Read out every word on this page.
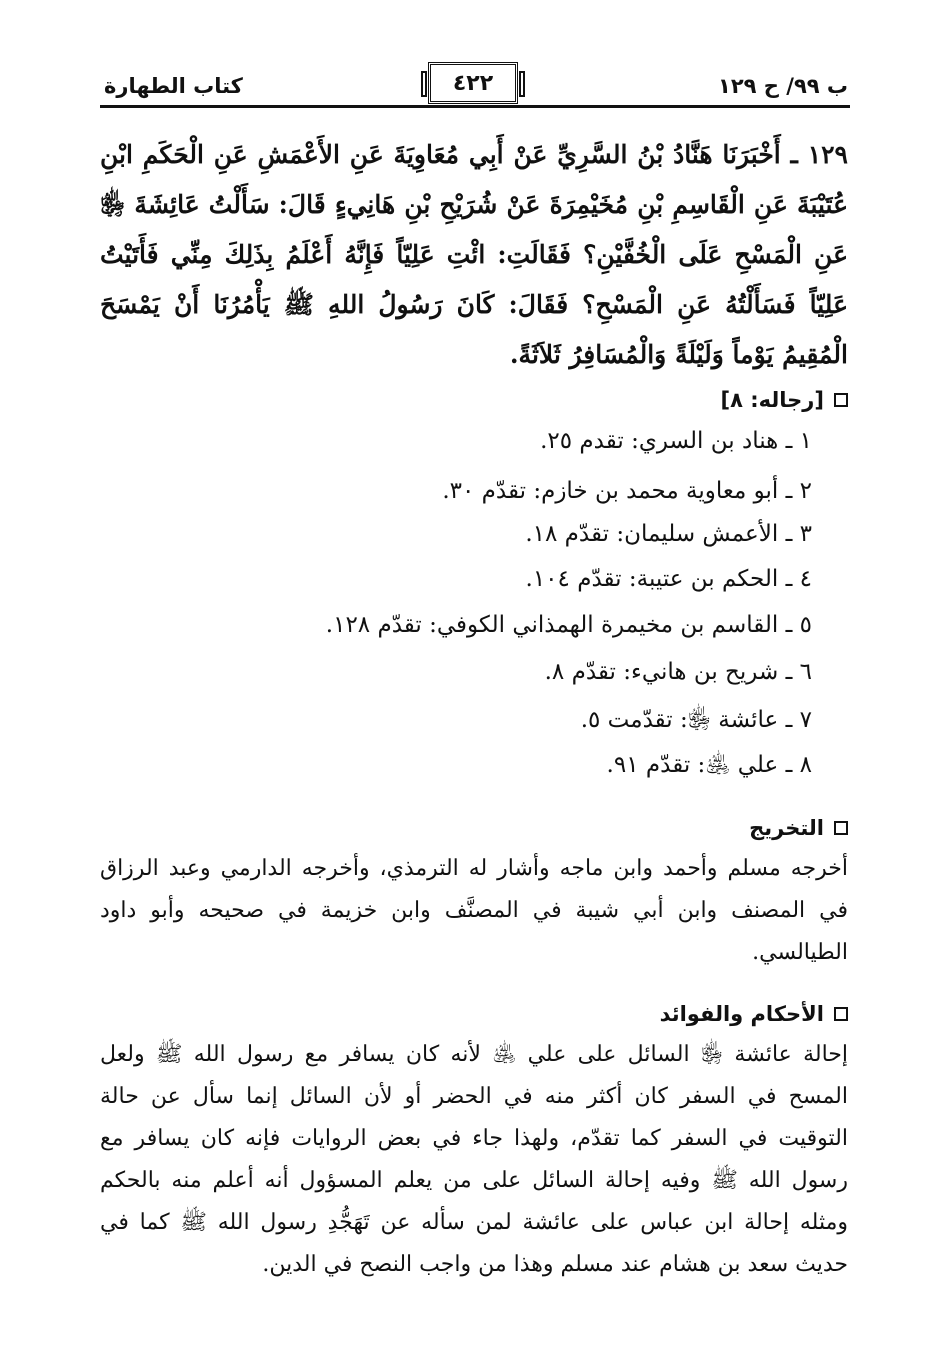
ب ٩٩/ ح ١٢٩
٤٢٢
كتاب الطهارة
١٢٩ ـ أَخْبَرَنَا هَنَّادُ بْنُ السَّرِيِّ عَنْ أَبِي مُعَاوِيَةَ عَنِ الأَعْمَشِ عَنِ الْحَكَمِ ابْنِ عُتَيْبَةَ عَنِ الْقَاسِمِ بْنِ مُخَيْمِرَةَ عَنْ شُرَيْحِ بْنِ هَانِيءٍ قَالَ: سَأَلْتُ عَائِشَةَ ﵂ عَنِ الْمَسْحِ عَلَى الْخُفَّيْنِ؟ فَقَالَتِ: ائْتِ عَلِيّاً فَإِنَّهُ أَعْلَمُ بِذَلِكَ مِنِّي فَأَتَيْتُ عَلِيّاً فَسَأَلْتُهُ عَنِ الْمَسْحِ؟ فَقَالَ: كَانَ رَسُولُ اللهِ ﷺ يَأْمُرُنَا أَنْ يَمْسَحَ الْمُقِيمُ يَوْماً وَلَيْلَةً وَالْمُسَافِرُ ثَلاَثَةً.
[رجاله: ٨]
١ ـ هناد بن السري: تقدم ٢٥.
٢ ـ أبو معاوية محمد بن خازم: تقدّم ٣٠.
٣ ـ الأعمش سليمان: تقدّم ١٨.
٤ ـ الحكم بن عتيبة: تقدّم ١٠٤.
٥ ـ القاسم بن مخيمرة الهمذاني الكوفي: تقدّم ١٢٨.
٦ ـ شريح بن هانيء: تقدّم ٨.
٧ ـ عائشة ﵂: تقدّمت ٥.
٨ ـ علي ﵁: تقدّم ٩١.
التخريج
أخرجه مسلم وأحمد وابن ماجه وأشار له الترمذي، وأخرجه الدارمي وعبد الرزاق في المصنف وابن أبي شيبة في المصنَّف وابن خزيمة في صحيحه وأبو داود الطيالسي.
الأحكام والفوائد
إحالة عائشة ﵂ السائل على علي ﵁ لأنه كان يسافر مع رسول الله ﷺ ولعل المسح في السفر كان أكثر منه في الحضر أو لأن السائل إنما سأل عن حالة التوقيت في السفر كما تقدّم، ولهذا جاء في بعض الروايات فإنه كان يسافر مع رسول الله ﷺ وفيه إحالة السائل على من يعلم المسؤول أنه أعلم منه بالحكم ومثله إحالة ابن عباس على عائشة لمن سأله عن تَهَجُّدِ رسول الله ﷺ كما في حديث سعد بن هشام عند مسلم وهذا من واجب النصح في الدين.
